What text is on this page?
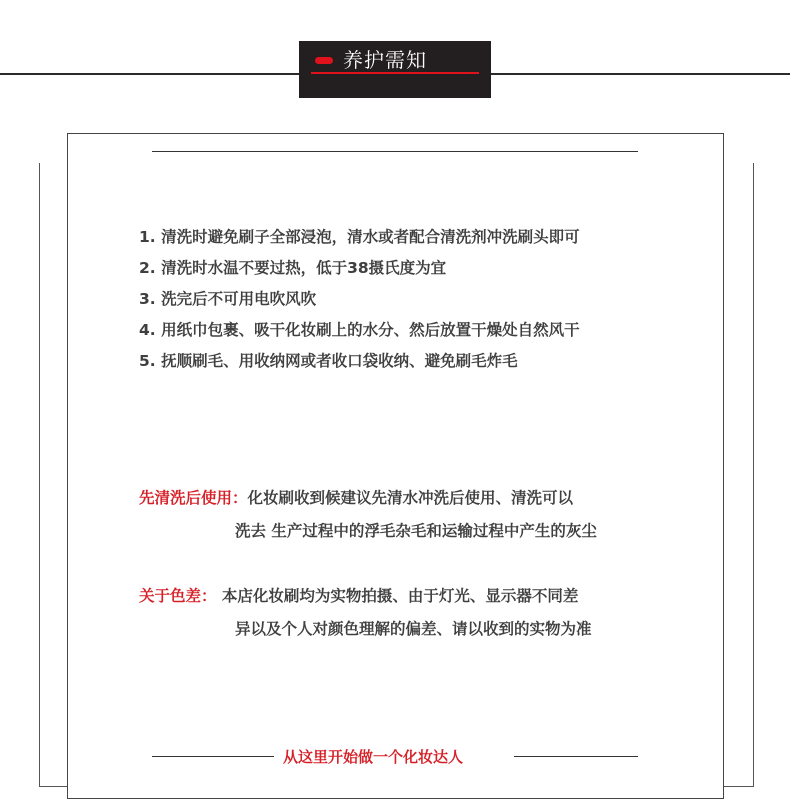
养护需知
1. 清洗时避免刷子全部浸泡，清水或者配合清洗剂冲洗刷头即可
2. 清洗时水温不要过热，低于38摄氏度为宜
3. 洗完后不可用电吹风吹
4. 用纸巾包裹、吸干化妆刷上的水分、然后放置干燥处自然风干
5. 抚顺刷毛、用收纳网或者收口袋收纳、避免刷毛炸毛
先清洗后使用：化妆刷收到候建议先清水冲洗后使用、清洗可以
洗去 生产过程中的浮毛杂毛和运输过程中产生的灰尘
关于色差： 本店化妆刷均为实物拍摄、由于灯光、显示器不同差
异以及个人对颜色理解的偏差、请以收到的实物为准
从这里开始做一个化妆达人
